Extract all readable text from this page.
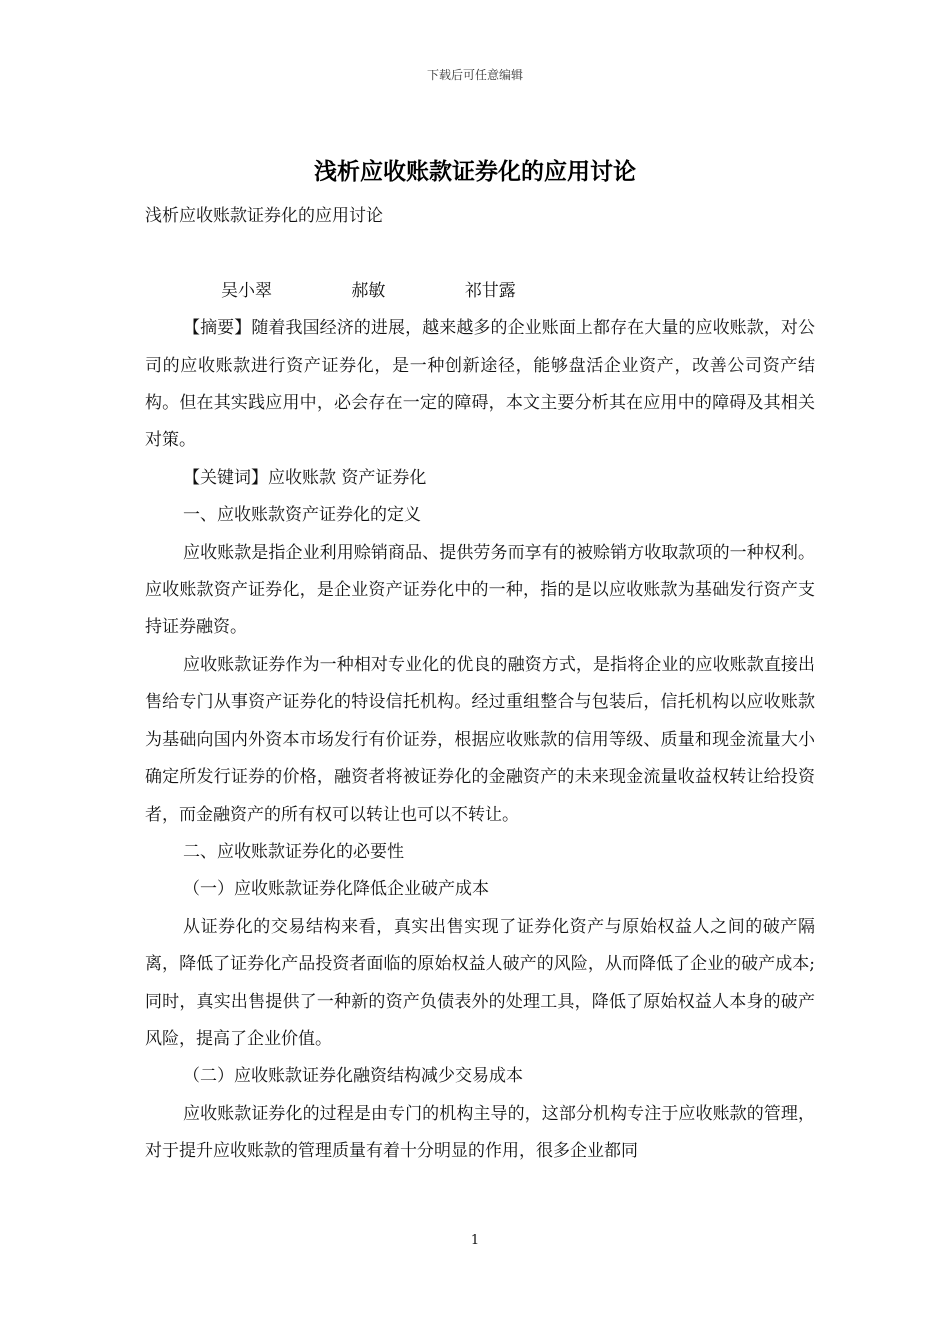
下载后可任意编辑
浅析应收账款证券化的应用讨论

浅析应收账款证券化的应用讨论

吴小翠	郝敏	祁甘露

【摘要】随着我国经济的进展，越来越多的企业账面上都存在大量的应收账款，对公司的应收账款进行资产证券化，是一种创新途径，能够盘活企业资产，改善公司资产结构。但在其实践应用中，必会存在一定的障碍，本文主要分析其在应用中的障碍及其相关对策。

【关键词】应收账款 资产证券化

一、应收账款资产证券化的定义

应收账款是指企业利用赊销商品、提供劳务而享有的被赊销方收取款项的一种权利。应收账款资产证券化，是企业资产证券化中的一种，指的是以应收账款为基础发行资产支持证券融资。

应收账款证券作为一种相对专业化的优良的融资方式，是指将企业的应收账款直接出售给专门从事资产证券化的特设信托机构。经过重组整合与包装后，信托机构以应收账款为基础向国内外资本市场发行有价证券，根据应收账款的信用等级、质量和现金流量大小确定所发行证券的价格，融资者将被证券化的金融资产的未来现金流量收益权转让给投资者，而金融资产的所有权可以转让也可以不转让。

二、应收账款证券化的必要性

（一）应收账款证券化降低企业破产成本

从证券化的交易结构来看，真实出售实现了证券化资产与原始权益人之间的破产隔离，降低了证券化产品投资者面临的原始权益人破产的风险，从而降低了企业的破产成本;同时，真实出售提供了一种新的资产负债表外的处理工具，降低了原始权益人本身的破产风险，提高了企业价值。

（二）应收账款证券化融资结构减少交易成本

应收账款证券化的过程是由专门的机构主导的，这部分机构专注于应收账款的管理，对于提升应收账款的管理质量有着十分明显的作用，很多企业都同

1
